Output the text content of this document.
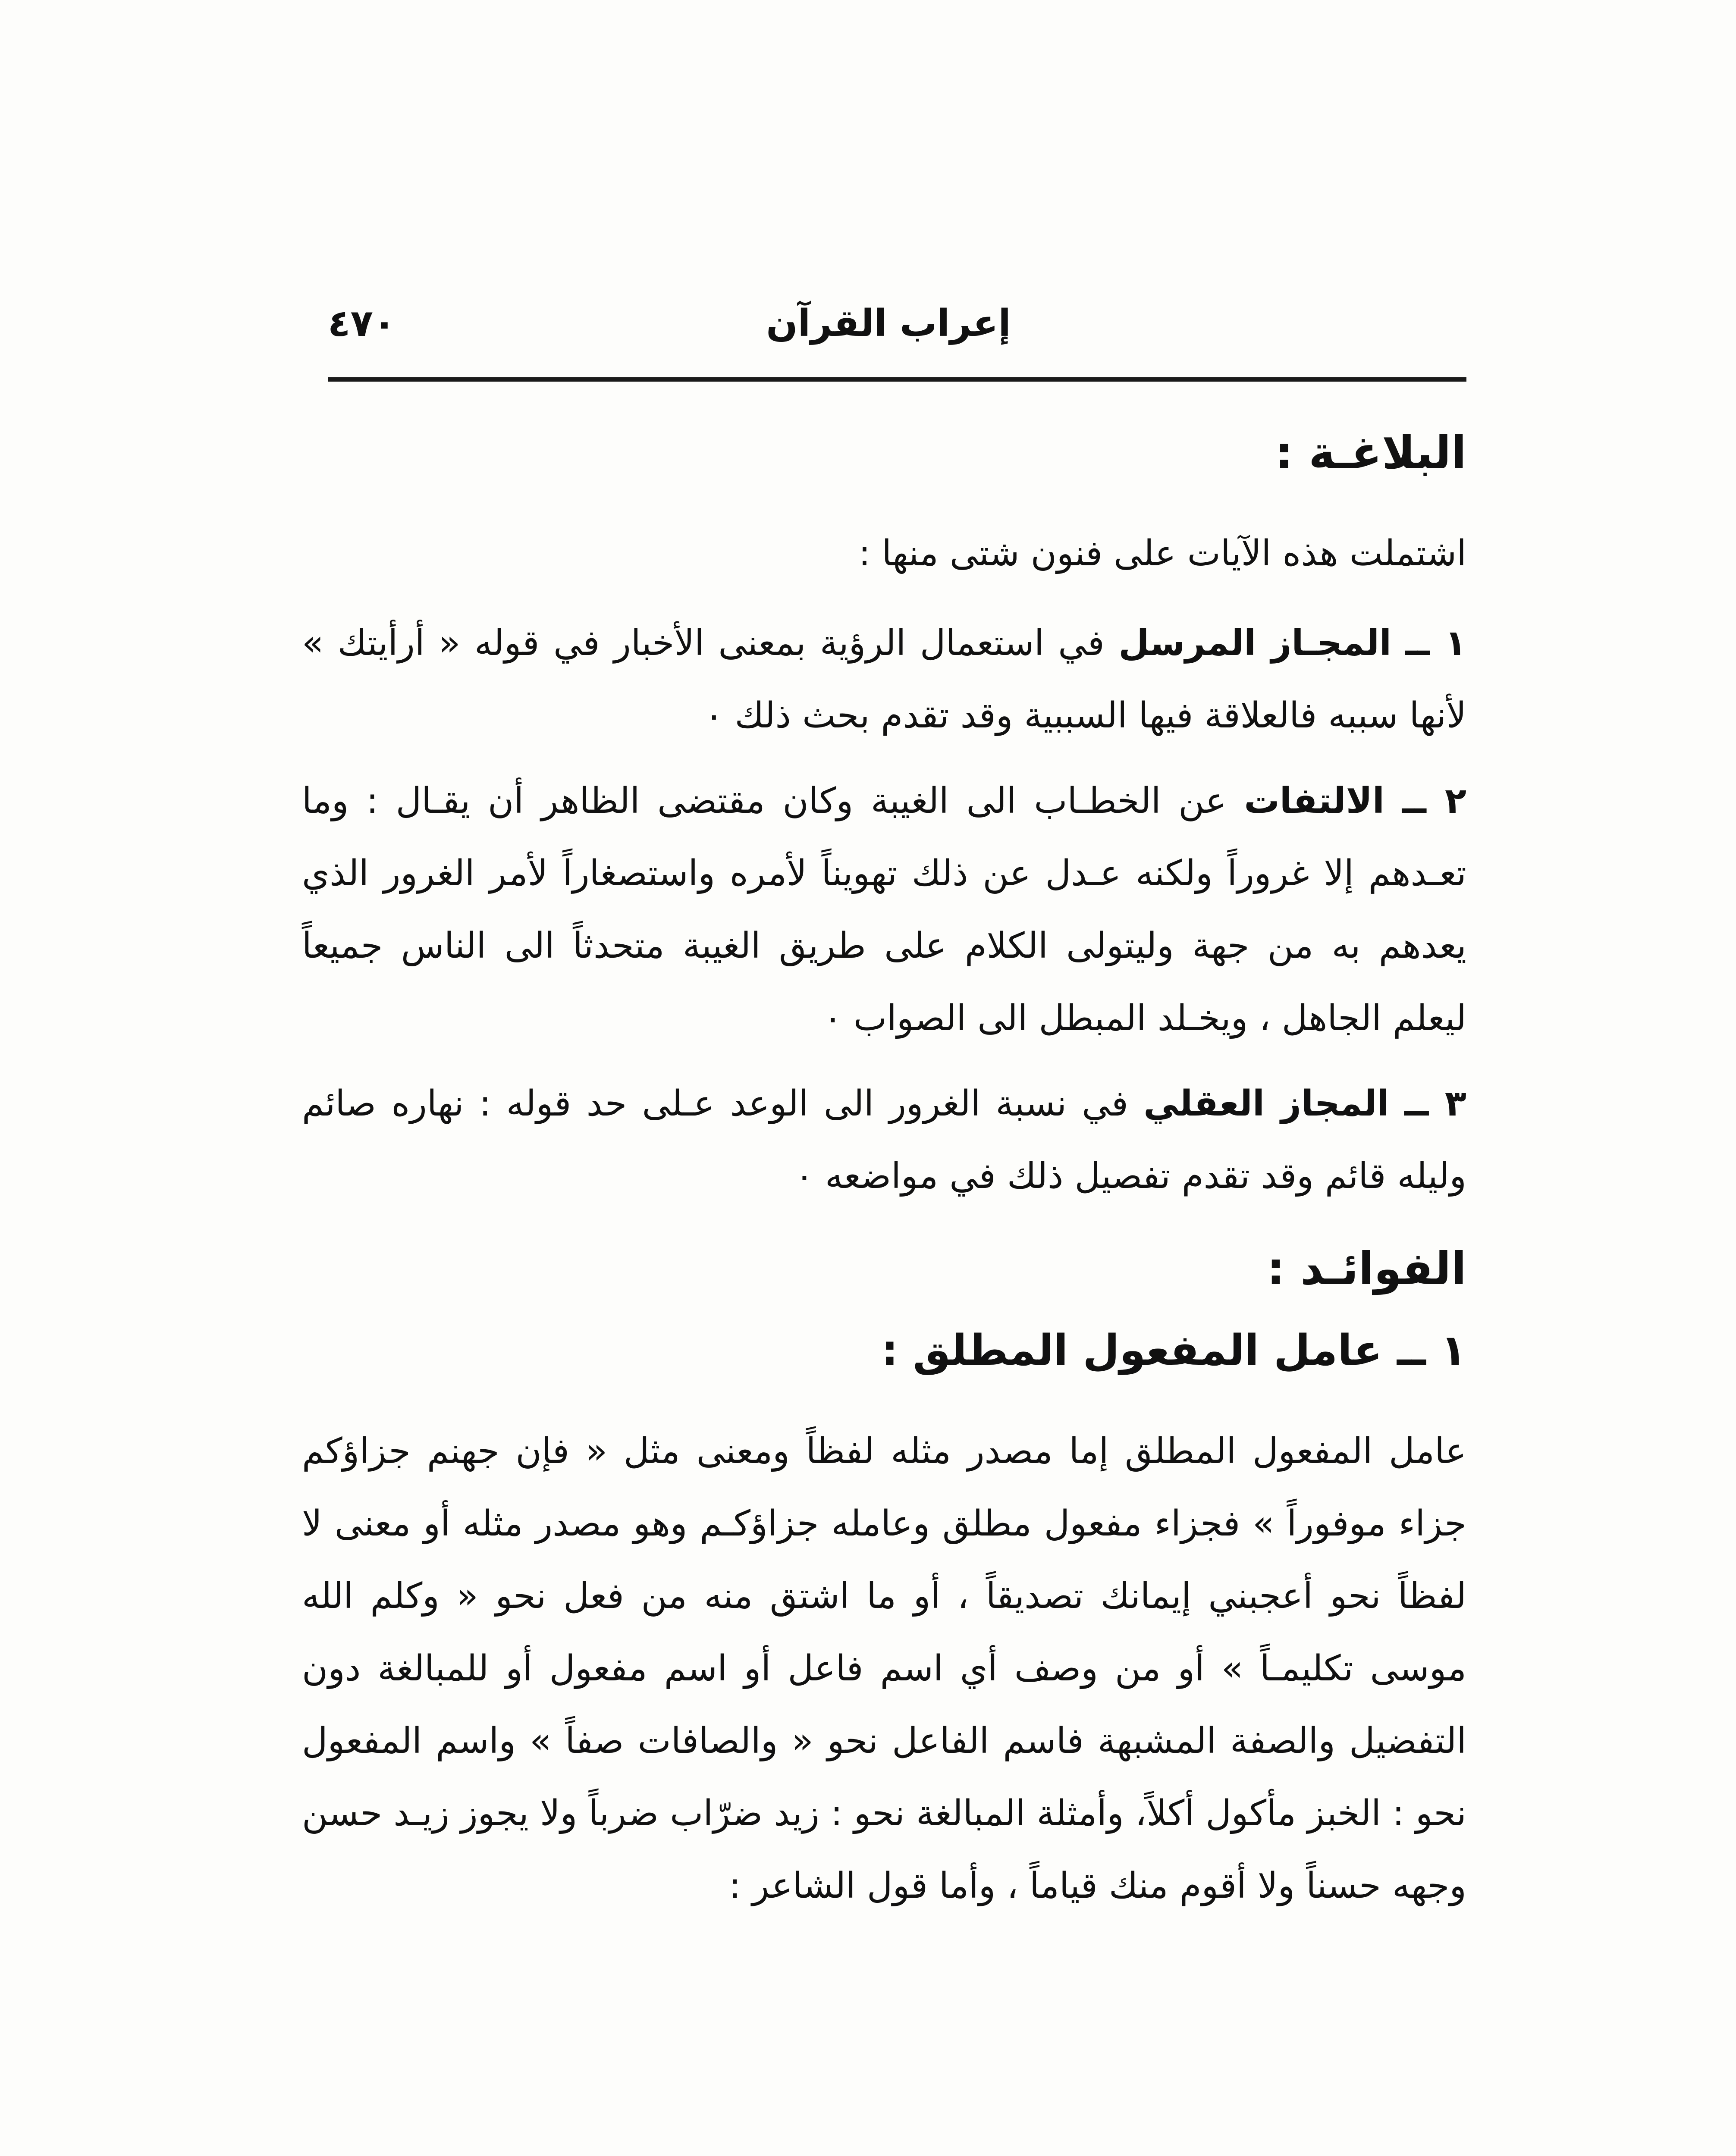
٤٧٠	إعراب القرآن
البلاغـة :

اشتملت هذه الآيات على فنون شتى منها :

١ ــ المجـاز المرسل في استعمال الرؤية بمعنى الأخبار في قوله « أرأيتك » لأنها سببه فالعلاقة فيها السببية وقد تقدم بحث ذلك ٠

٢ ــ الالتفات عن الخطـاب الى الغيبة وكان مقتضى الظاهر أن يقـال : وما تعـدهم إلا غروراً ولكنه عـدل عن ذلك تهويناً لأمره واستصغاراً لأمر الغرور الذي يعدهم به من جهة وليتولى الكلام على طريق الغيبة متحدثاً الى الناس جميعاً ليعلم الجاهل ، ويخـلد المبطل الى الصواب ٠

٣ ــ المجاز العقلي في نسبة الغرور الى الوعد عـلى حد قوله : نهاره صائم وليله قائم وقد تقدم تفصيل ذلك في مواضعه ٠

الفوائـد :
١ ــ عامل المفعول المطلق :

عامل المفعول المطلق إما مصدر مثله لفظاً ومعنى مثل « فإن جهنم جزاؤكم جزاء موفوراً » فجزاء مفعول مطلق وعامله جزاؤكـم وهو مصدر مثله أو معنى لا لفظاً نحو أعجبني إيمانك تصديقاً ، أو ما اشتق منه من فعل نحو « وكلم الله موسى تكليمـاً » أو من وصف أي اسم فاعل أو اسم مفعول أو للمبالغة دون التفضيل والصفة المشبهة فاسم الفاعل نحو « والصافات صفاً » واسم المفعول نحو : الخبز مأكول أكلاً، وأمثلة المبالغة نحو : زيد ضرّاب ضرباً ولا يجوز زيـد حسن وجهه حسناً ولا أقوم منك قياماً ، وأما قول الشاعر :
